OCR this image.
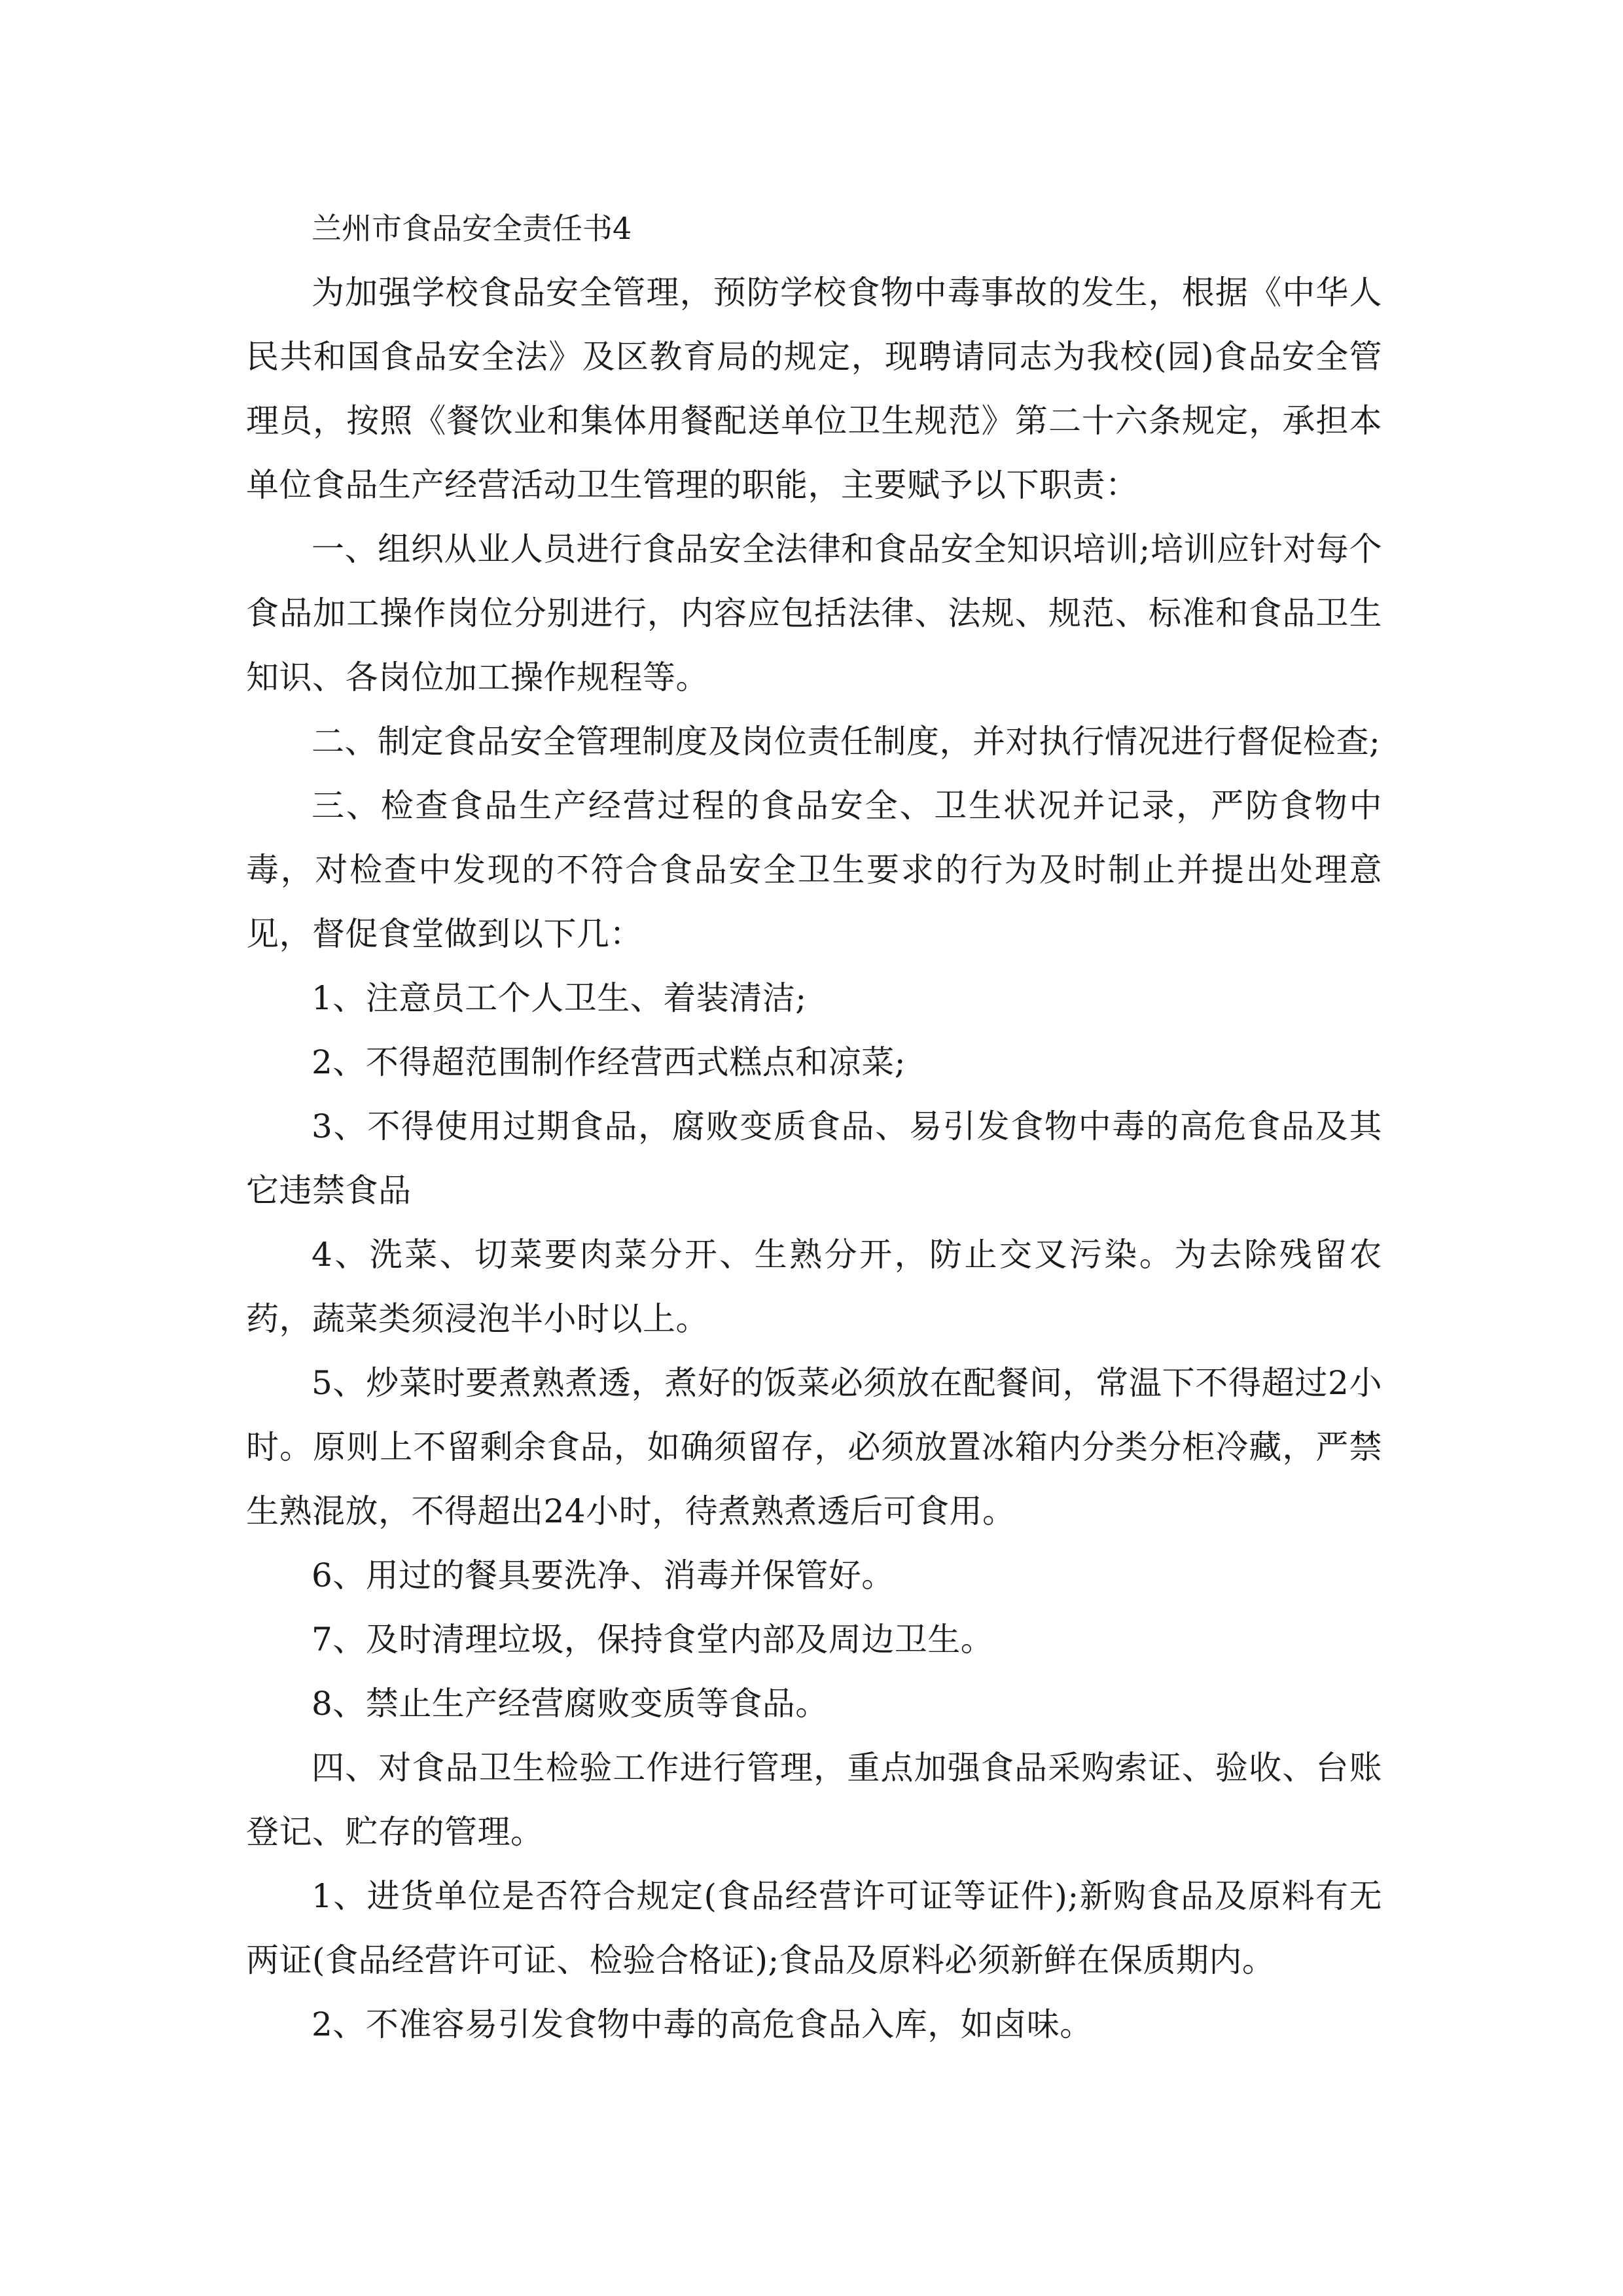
兰州市食品安全责任书4

为加强学校食品安全管理，预防学校食物中毒事故的发生，根据《中华人民共和国食品安全法》及区教育局的规定，现聘请同志为我校(园)食品安全管理员，按照《餐饮业和集体用餐配送单位卫生规范》第二十六条规定，承担本单位食品生产经营活动卫生管理的职能，主要赋予以下职责：

一、组织从业人员进行食品安全法律和食品安全知识培训;培训应针对每个食品加工操作岗位分别进行，内容应包括法律、法规、规范、标准和食品卫生知识、各岗位加工操作规程等。

二、制定食品安全管理制度及岗位责任制度，并对执行情况进行督促检查;

三、检查食品生产经营过程的食品安全、卫生状况并记录，严防食物中毒，对检查中发现的不符合食品安全卫生要求的行为及时制止并提出处理意见，督促食堂做到以下几：

1、注意员工个人卫生、着装清洁;

2、不得超范围制作经营西式糕点和凉菜;

3、不得使用过期食品，腐败变质食品、易引发食物中毒的高危食品及其它违禁食品

4、洗菜、切菜要肉菜分开、生熟分开，防止交叉污染。为去除残留农药，蔬菜类须浸泡半小时以上。

5、炒菜时要煮熟煮透，煮好的饭菜必须放在配餐间，常温下不得超过2小时。原则上不留剩余食品，如确须留存，必须放置冰箱内分类分柜冷藏，严禁生熟混放，不得超出24小时，待煮熟煮透后可食用。

6、用过的餐具要洗净、消毒并保管好。

7、及时清理垃圾，保持食堂内部及周边卫生。

8、禁止生产经营腐败变质等食品。

四、对食品卫生检验工作进行管理，重点加强食品采购索证、验收、台账登记、贮存的管理。

1、进货单位是否符合规定(食品经营许可证等证件);新购食品及原料有无两证(食品经营许可证、检验合格证);食品及原料必须新鲜在保质期内。

2、不准容易引发食物中毒的高危食品入库，如卤味。
